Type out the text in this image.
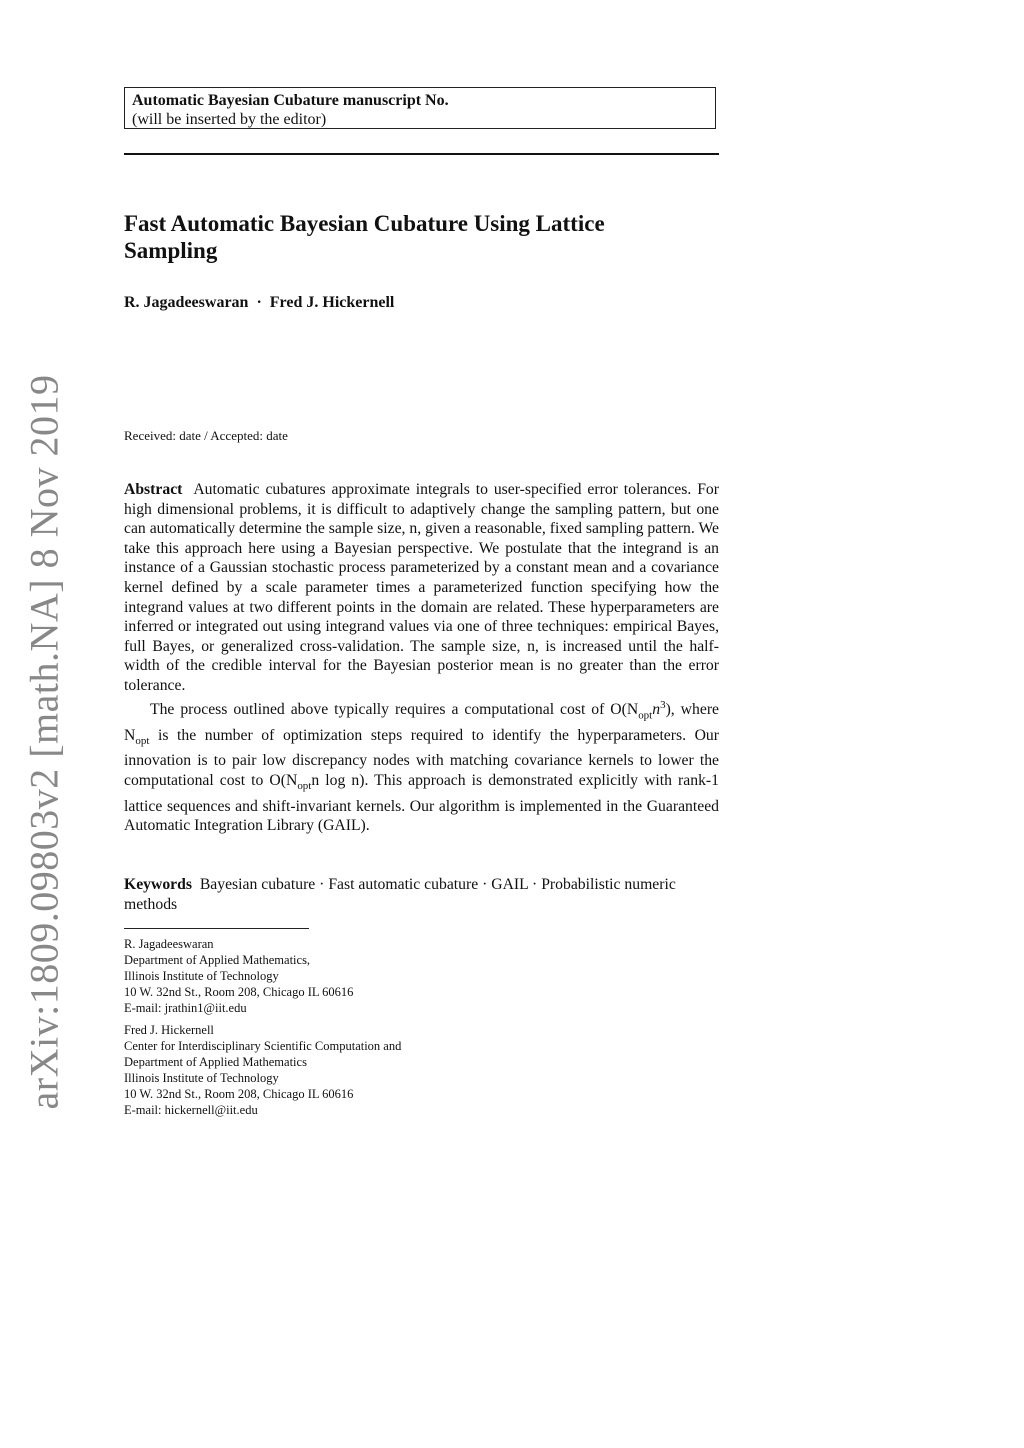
arXiv:1809.09803v2 [math.NA] 8 Nov 2019
Automatic Bayesian Cubature manuscript No.
(will be inserted by the editor)
Fast Automatic Bayesian Cubature Using Lattice
Sampling
R. Jagadeeswaran · Fred J. Hickernell
Received: date / Accepted: date

Abstract Automatic cubatures approximate integrals to user-specified error tolerances. For high dimensional problems, it is difficult to adaptively change the sampling pattern, but one can automatically determine the sample size, n, given a reasonable, fixed sampling pattern. We take this approach here using a Bayesian perspective. We postulate that the integrand is an instance of a Gaussian stochastic process parameterized by a constant mean and a covariance kernel defined by a scale parameter times a parameterized function specifying how the integrand values at two different points in the domain are related. These hyperparameters are inferred or integrated out using integrand values via one of three techniques: empirical Bayes, full Bayes, or generalized cross-validation. The sample size, n, is increased until the half-width of the credible interval for the Bayesian posterior mean is no greater than the error tolerance.

The process outlined above typically requires a computational cost of $O(N_{opt}n^3)$, where $N_{opt}$ is the number of optimization steps required to identify the hyperparameters. Our innovation is to pair low discrepancy nodes with matching covariance kernels to lower the computational cost to $O(N_{opt}n$ log n). This approach is demonstrated explicitly with rank-1 lattice sequences and shift-invariant kernels. Our algorithm is implemented in the Guaranteed Automatic Integration Library (GAIL).

Keywords Bayesian cubature · Fast automatic cubature · GAIL · Probabilistic numeric methods
R. Jagadeeswaran
Department of Applied Mathematics,
Illinois Institute of Technology
10 W. 32nd St., Room 208, Chicago IL 60616
E-mail: jrathin1@iit.edu
Fred J. Hickernell
Center for Interdisciplinary Scientific Computation and
Department of Applied Mathematics
Illinois Institute of Technology
10 W. 32nd St., Room 208, Chicago IL 60616
E-mail: hickernell@iit.edu
